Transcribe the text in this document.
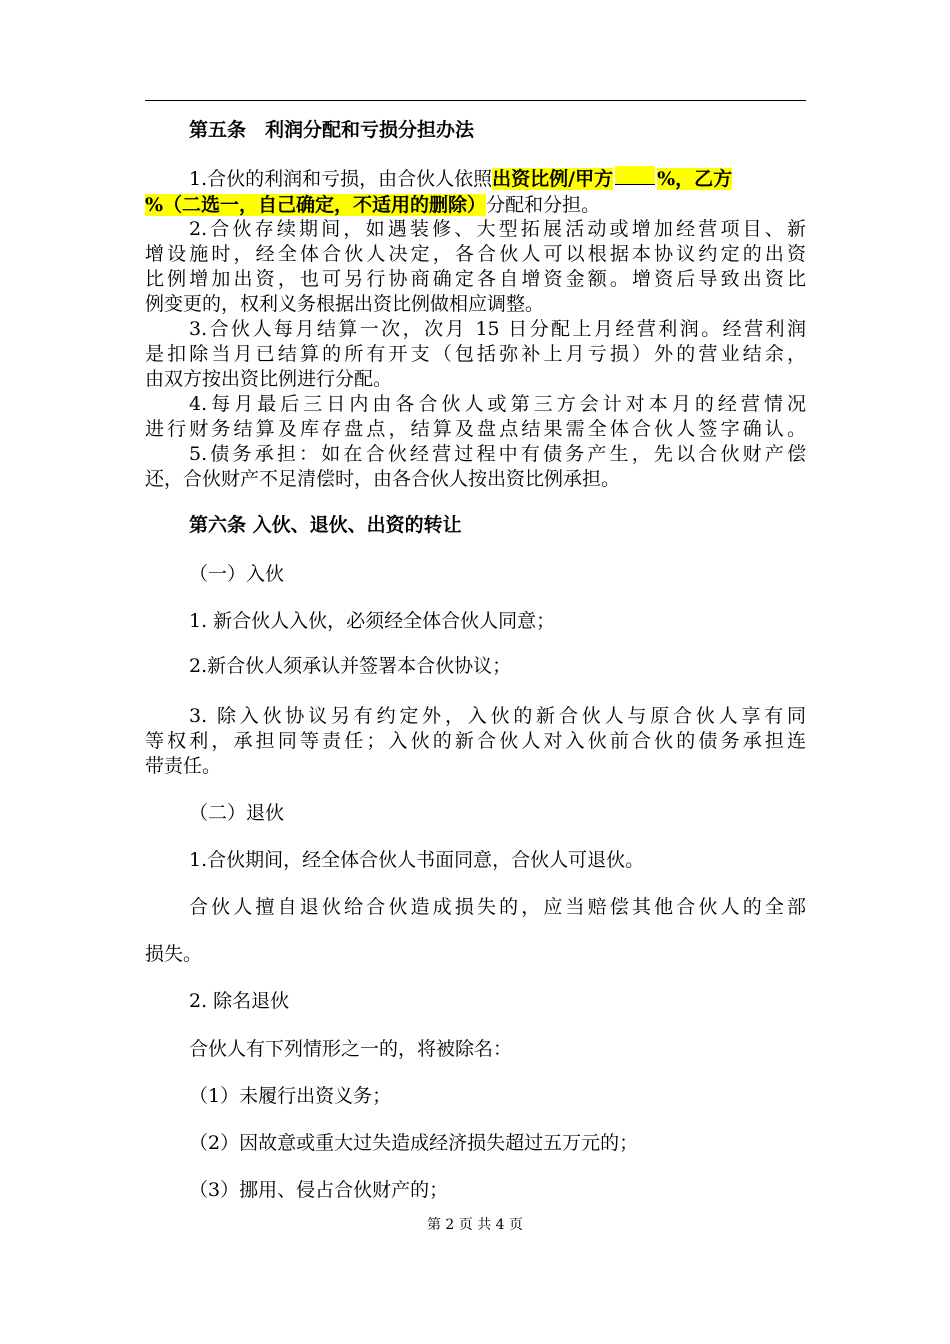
第五条　利润分配和亏损分担办法
1.合伙的利润和亏损，由合伙人依照出资比例/甲方 %，乙方
%（二选一，自己确定，不适用的删除）分配和分担。
2.合伙存续期间，如遇装修、大型拓展活动或增加经营项目、新
增设施时，经全体合伙人决定，各合伙人可以根据本协议约定的出资
比例增加出资，也可另行协商确定各自增资金额。增资后导致出资比
例变更的，权利义务根据出资比例做相应调整。
3.合伙人每月结算一次，次月 15 日分配上月经营利润。经营利润
是扣除当月已结算的所有开支（包括弥补上月亏损）外的营业结余，
由双方按出资比例进行分配。
4.每月最后三日内由各合伙人或第三方会计对本月的经营情况
进行财务结算及库存盘点，结算及盘点结果需全体合伙人签字确认。
5.债务承担：如在合伙经营过程中有债务产生，先以合伙财产偿
还，合伙财产不足清偿时，由各合伙人按出资比例承担。
第六条 入伙、退伙、出资的转让
（一）入伙
1. 新合伙人入伙，必须经全体合伙人同意；
2.新合伙人须承认并签署本合伙协议；
3. 除入伙协议另有约定外，入伙的新合伙人与原合伙人享有同
等权利，承担同等责任；入伙的新合伙人对入伙前合伙的债务承担连
带责任。
（二）退伙
1.合伙期间，经全体合伙人书面同意，合伙人可退伙。
合伙人擅自退伙给合伙造成损失的，应当赔偿其他合伙人的全部
损失。
2. 除名退伙
合伙人有下列情形之一的，将被除名：
（1）未履行出资义务；
（2）因故意或重大过失造成经济损失超过五万元的；
（3）挪用、侵占合伙财产的；
第 2 页 共 4 页
